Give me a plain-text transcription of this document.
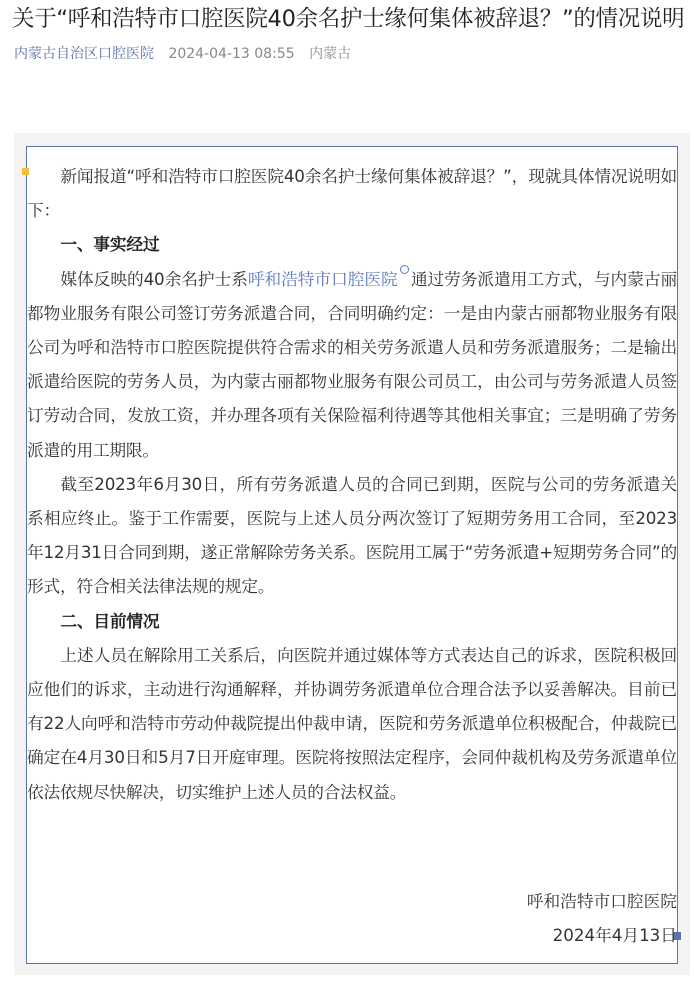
关于“呼和浩特市口腔医院40余名护士缘何集体被辞退？”的情况说明
内蒙古自治区口腔医院 2024-04-13 08:55 内蒙古

新闻报道“呼和浩特市口腔医院40余名护士缘何集体被辞退？”，现就具体情况说明如下：

一、事实经过

媒体反映的40余名护士系呼和浩特市口腔医院 通过劳务派遣用工方式，与内蒙古丽都物业服务有限公司签订劳务派遣合同，合同明确约定：一是由内蒙古丽都物业服务有限公司为呼和浩特市口腔医院提供符合需求的相关劳务派遣人员和劳务派遣服务；二是输出派遣给医院的劳务人员，为内蒙古丽都物业服务有限公司员工，由公司与劳务派遣人员签订劳动合同，发放工资，并办理各项有关保险福利待遇等其他相关事宜；三是明确了劳务派遣的用工期限。

截至2023年6月30日，所有劳务派遣人员的合同已到期，医院与公司的劳务派遣关系相应终止。鉴于工作需要，医院与上述人员分两次签订了短期劳务用工合同，至2023年12月31日合同到期，遂正常解除劳务关系。医院用工属于“劳务派遣+短期劳务合同”的形式，符合相关法律法规的规定。

二、目前情况

上述人员在解除用工关系后，向医院并通过媒体等方式表达自己的诉求，医院积极回应他们的诉求，主动进行沟通解释，并协调劳务派遣单位合理合法予以妥善解决。目前已有22人向呼和浩特市劳动仲裁院提出仲裁申请，医院和劳务派遣单位积极配合，仲裁院已确定在4月30日和5月7日开庭审理。医院将按照法定程序，会同仲裁机构及劳务派遣单位依法依规尽快解决，切实维护上述人员的合法权益。

呼和浩特市口腔医院
2024年4月13日
